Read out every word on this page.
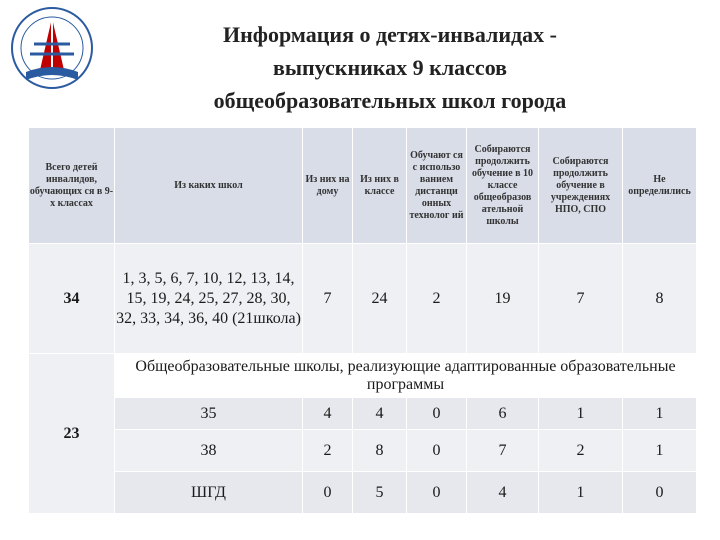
Информация о детях-инвалидах -
выпускниках 9 классов
общеобразовательных школ города
Всего детей инвалидов, обучающих ся в 9-х классах	Из каких школ	Из них на дому	Из них в классе	Обучают ся с использо ванием дистанци онных технолог ий	Собираются продолжить обучение в 10 классе общеобразов ательной школы	Собираются продолжить обучение в учреждениях НПО, СПО	Не определились
34	1, 3, 5, 6, 7, 10, 12, 13, 14, 15, 19, 24, 25, 27, 28, 30, 32, 33, 34, 36, 40 (21школа)	7	24	2	19	7	8
23	Общеобразовательные школы, реализующие адаптированные образовательные программы						
	35	4	4	0	6	1	1
	38	2	8	0	7	2	1
	ШГД	0	5	0	4	1	0
